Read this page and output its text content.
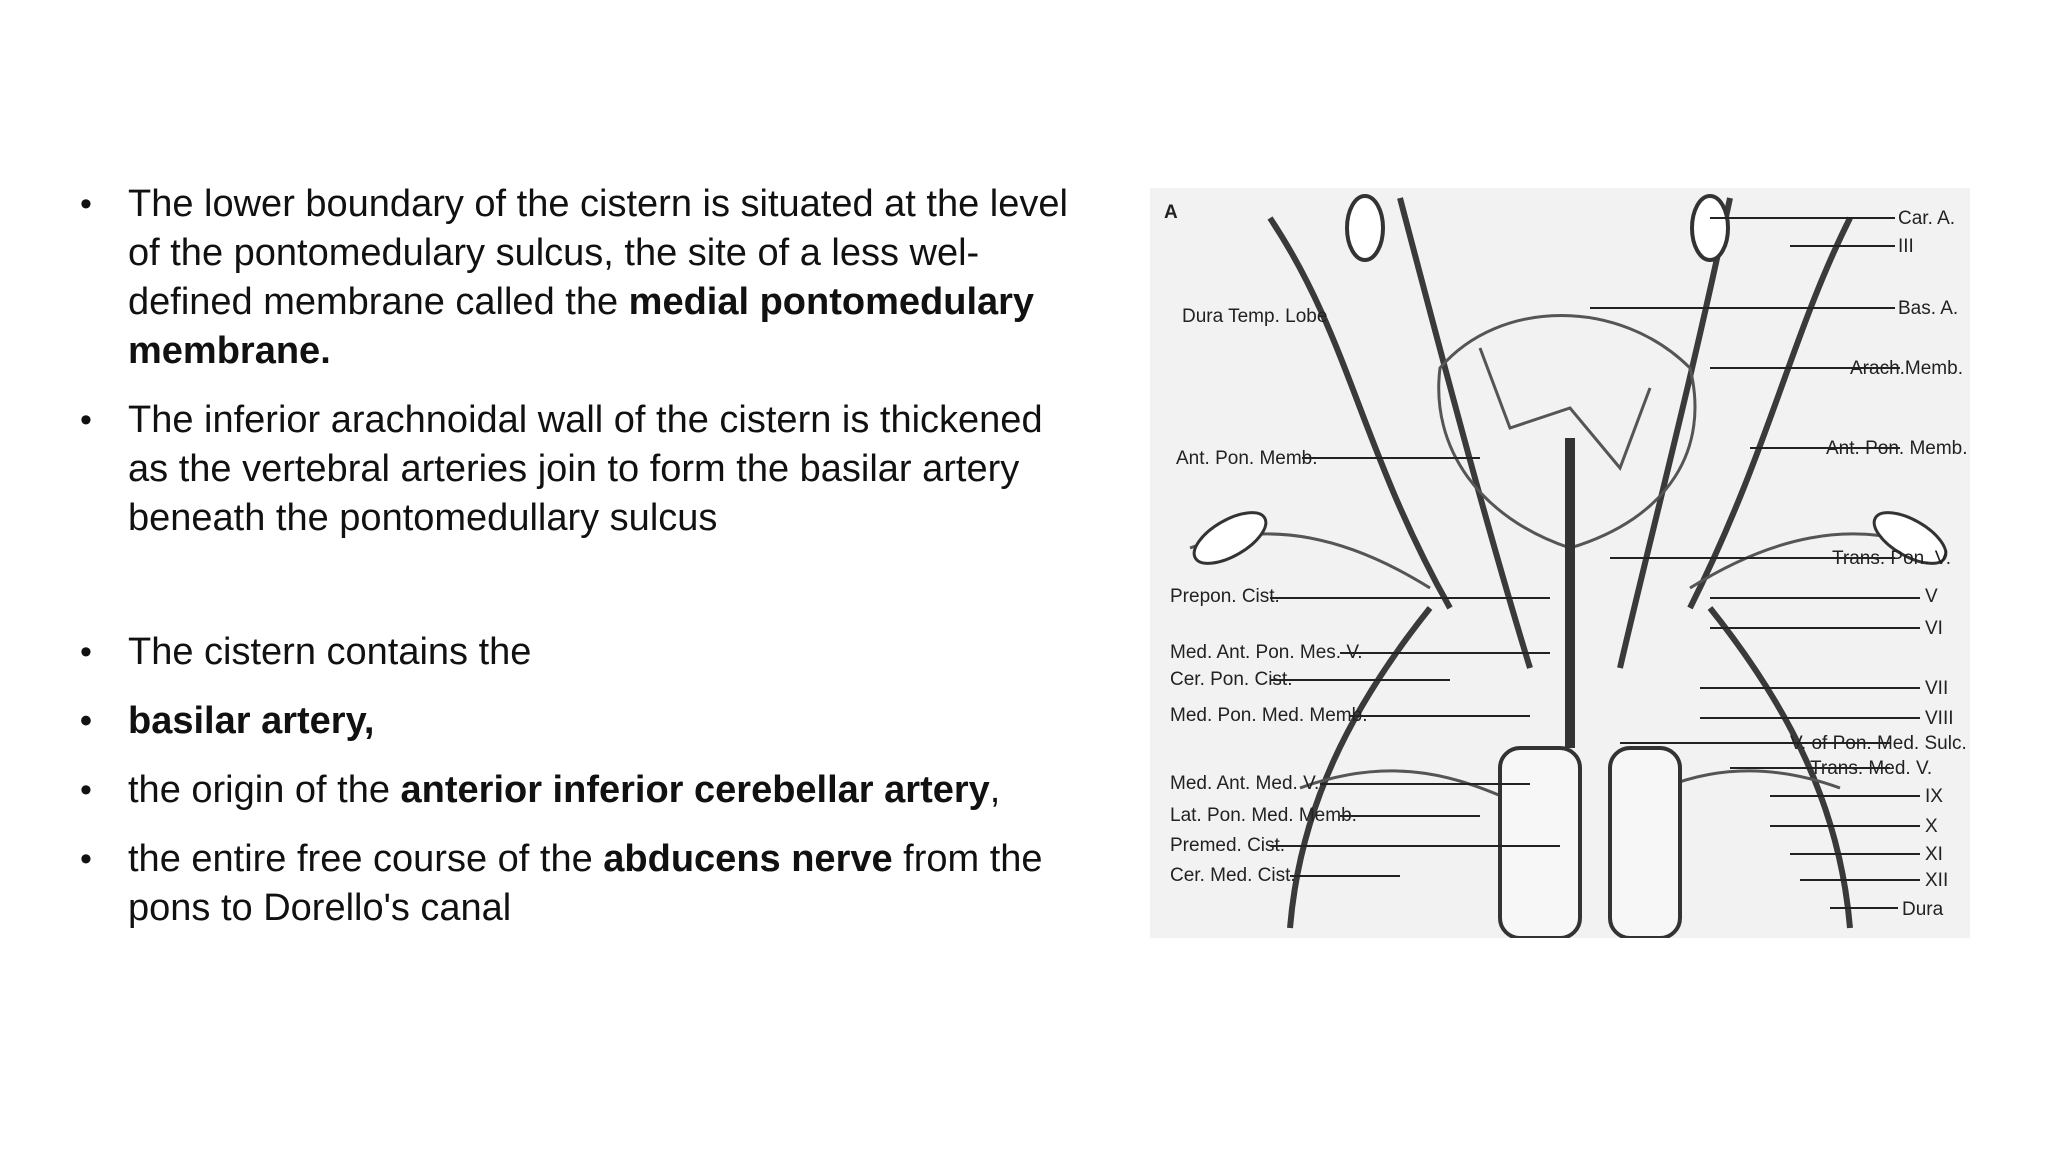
• The lower boundary of the cistern is situated at the level of the pontomedulary sulcus, the site of a less wel-defined membrane called the medial pontomedulary membrane.

• The inferior arachnoidal wall of the cistern is thickened as the vertebral arteries join to form the basilar artery beneath the pontomedullary sulcus

• The cistern contains the

• basilar artery,

• the origin of the anterior inferior cerebellar artery,

• the entire free course of the abducens nerve from the pons to Dorello's canal

A
Dura Temp. Lobe
Ant. Pon. Memb.
Prepon. Cist.
Med. Ant. Pon. Mes. V.
Cer. Pon. Cist.
Med. Pon. Med. Memb.
Med. Ant. Med. V.
Lat. Pon. Med. Memb.
Premed. Cist.
Cer. Med. Cist.
Car. A.
III
Bas. A.
Arach.Memb.
Ant. Pon. Memb.
Trans. Pon. V.
V
VI
VII
VIII
V. of Pon. Med. Sulc.
Trans. Med. V.
IX
X
XI
XII
Dura
